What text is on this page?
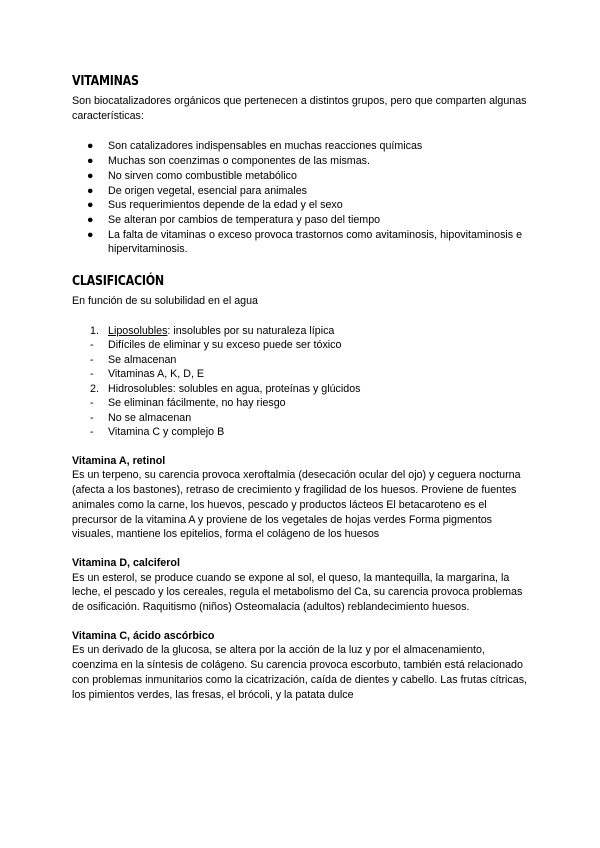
VITAMINAS

Son biocatalizadores orgánicos que pertenecen a distintos grupos, pero que comparten algunas características:

● Son catalizadores indispensables en muchas reacciones químicas
● Muchas son coenzimas o componentes de las mismas.
● No sirven como combustible metabólico
● De origen vegetal, esencial para animales
● Sus requerimientos depende de la edad y el sexo
● Se alteran por cambios de temperatura y paso del tiempo
● La falta de vitaminas o exceso provoca trastornos como avitaminosis, hipovitaminosis e hipervitaminosis.
CLASIFICACIÓN

En función de su solubilidad en el agua

1. Liposolubles: insolubles por su naturaleza lípica
- Difíciles de eliminar y su exceso puede ser tóxico
- Se almacenan
- Vitaminas A, K, D, E
2. Hidrosolubles: solubles en agua, proteínas y glúcidos
- Se eliminan fácilmente, no hay riesgo
- No se almacenan
- Vitamina C y complejo B
Vitamina A, retinol

Es un terpeno, su carencia provoca xeroftalmia (desecación ocular del ojo) y ceguera nocturna (afecta a los bastones), retraso de crecimiento y fragilidad de los huesos. Proviene de fuentes animales como la carne, los huevos, pescado y productos lácteos El betacaroteno es el precursor de la vitamina A y proviene de los vegetales de hojas verdes Forma pigmentos visuales, mantiene los epitelios, forma el colágeno de los huesos

Vitamina D, calciferol

Es un esterol, se produce cuando se expone al sol, el queso, la mantequilla, la margarina, la leche, el pescado y los cereales, regula el metabolismo del Ca, su carencia provoca problemas de osificación. Raquitismo (niños) Osteomalacia (adultos) reblandecimiento huesos.

Vitamina C, ácido ascórbico

Es un derivado de la glucosa, se altera por la acción de la luz y por el almacenamiento, coenzima en la síntesis de colágeno. Su carencia provoca escorbuto, también está relacionado con problemas inmunitarios como la cicatrización, caída de dientes y cabello. Las frutas cítricas, los pimientos verdes, las fresas, el brócoli, y la patata dulce
